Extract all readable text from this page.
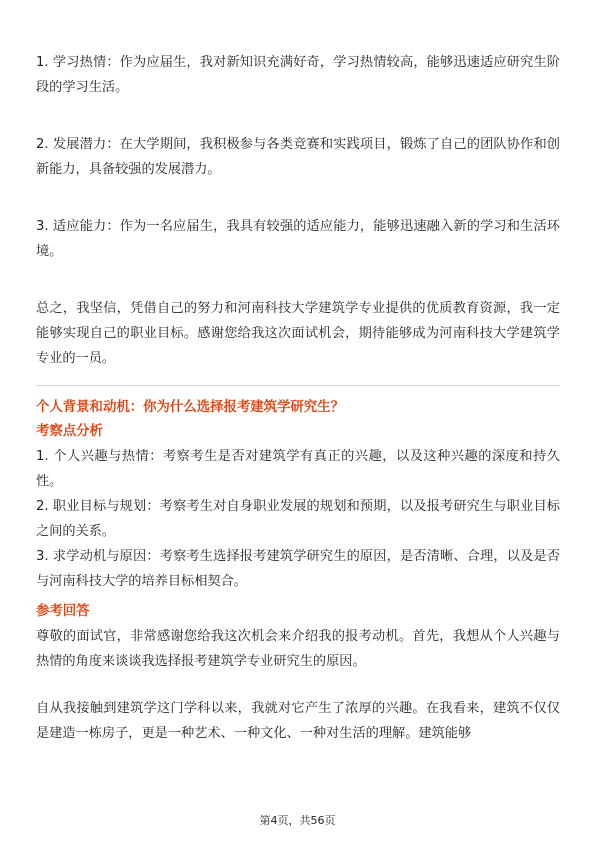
1. 学习热情：作为应届生，我对新知识充满好奇，学习热情较高，能够迅速适应研究生阶段的学习生活。

2. 发展潜力：在大学期间，我积极参与各类竞赛和实践项目，锻炼了自己的团队协作和创新能力，具备较强的发展潜力。

3. 适应能力：作为一名应届生，我具有较强的适应能力，能够迅速融入新的学习和生活环境。

总之，我坚信，凭借自己的努力和河南科技大学建筑学专业提供的优质教育资源，我一定能够实现自己的职业目标。感谢您给我这次面试机会，期待能够成为河南科技大学建筑学专业的一员。

个人背景和动机：你为什么选择报考建筑学研究生？

考察点分析

1. 个人兴趣与热情：考察考生是否对建筑学有真正的兴趣，以及这种兴趣的深度和持久性。

2. 职业目标与规划：考察考生对自身职业发展的规划和预期，以及报考研究生与职业目标之间的关系。

3. 求学动机与原因：考察考生选择报考建筑学研究生的原因，是否清晰、合理，以及是否与河南科技大学的培养目标相契合。

参考回答

尊敬的面试官，非常感谢您给我这次机会来介绍我的报考动机。首先，我想从个人兴趣与热情的角度来谈谈我选择报考建筑学专业研究生的原因。

自从我接触到建筑学这门学科以来，我就对它产生了浓厚的兴趣。在我看来，建筑不仅仅是建造一栋房子，更是一种艺术、一种文化、一种对生活的理解。建筑能够

第4页，共56页
